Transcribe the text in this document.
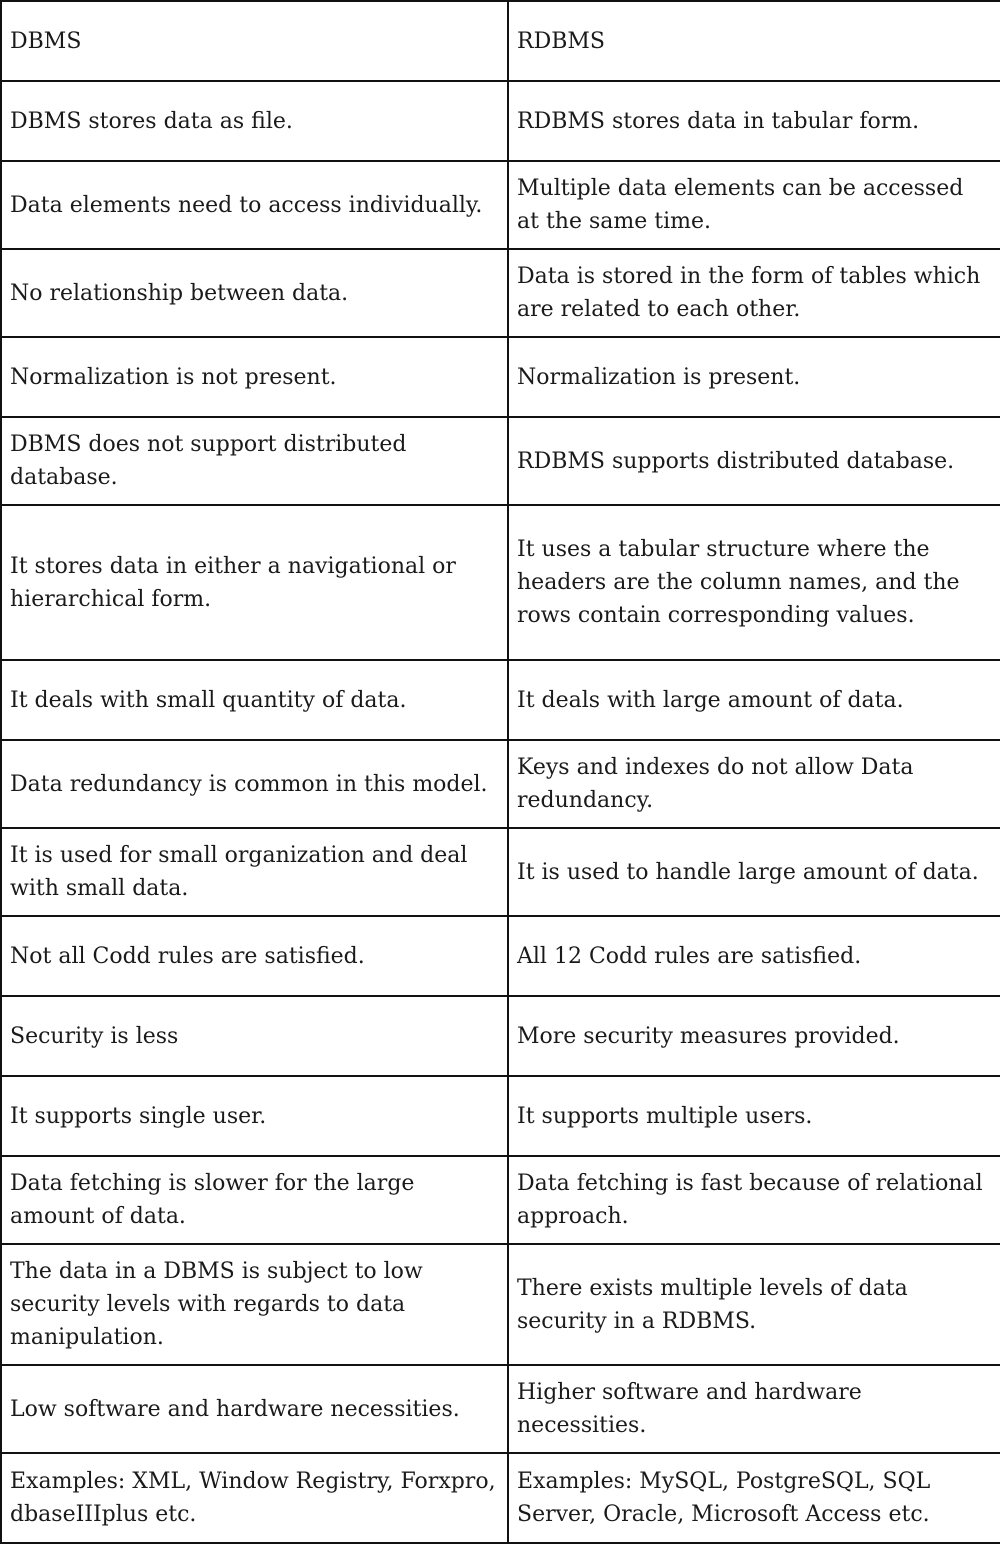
DBMS	RDBMS

DBMS stores data as file.	RDBMS stores data in tabular form.

Data elements need to access individually.	Multiple data elements can be accessed at the same time.

No relationship between data.	Data is stored in the form of tables which are related to each other.

Normalization is not present.	Normalization is present.

DBMS does not support distributed database.	RDBMS supports distributed database.

It stores data in either a navigational or hierarchical form.	It uses a tabular structure where the headers are the column names, and the rows contain corresponding values.

It deals with small quantity of data.	It deals with large amount of data.

Data redundancy is common in this model.	Keys and indexes do not allow Data redundancy.

It is used for small organization and deal with small data.	It is used to handle large amount of data.

Not all Codd rules are satisfied.	All 12 Codd rules are satisfied.

Security is less	More security measures provided.

It supports single user.	It supports multiple users.

Data fetching is slower for the large amount of data.	Data fetching is fast because of relational approach.

The data in a DBMS is subject to low security levels with regards to data manipulation.	There exists multiple levels of data security in a RDBMS.

Low software and hardware necessities.	Higher software and hardware necessities.

Examples: XML, Window Registry, Forxpro, dbaseIIIplus etc.	Examples: MySQL, PostgreSQL, SQL Server, Oracle, Microsoft Access etc.
